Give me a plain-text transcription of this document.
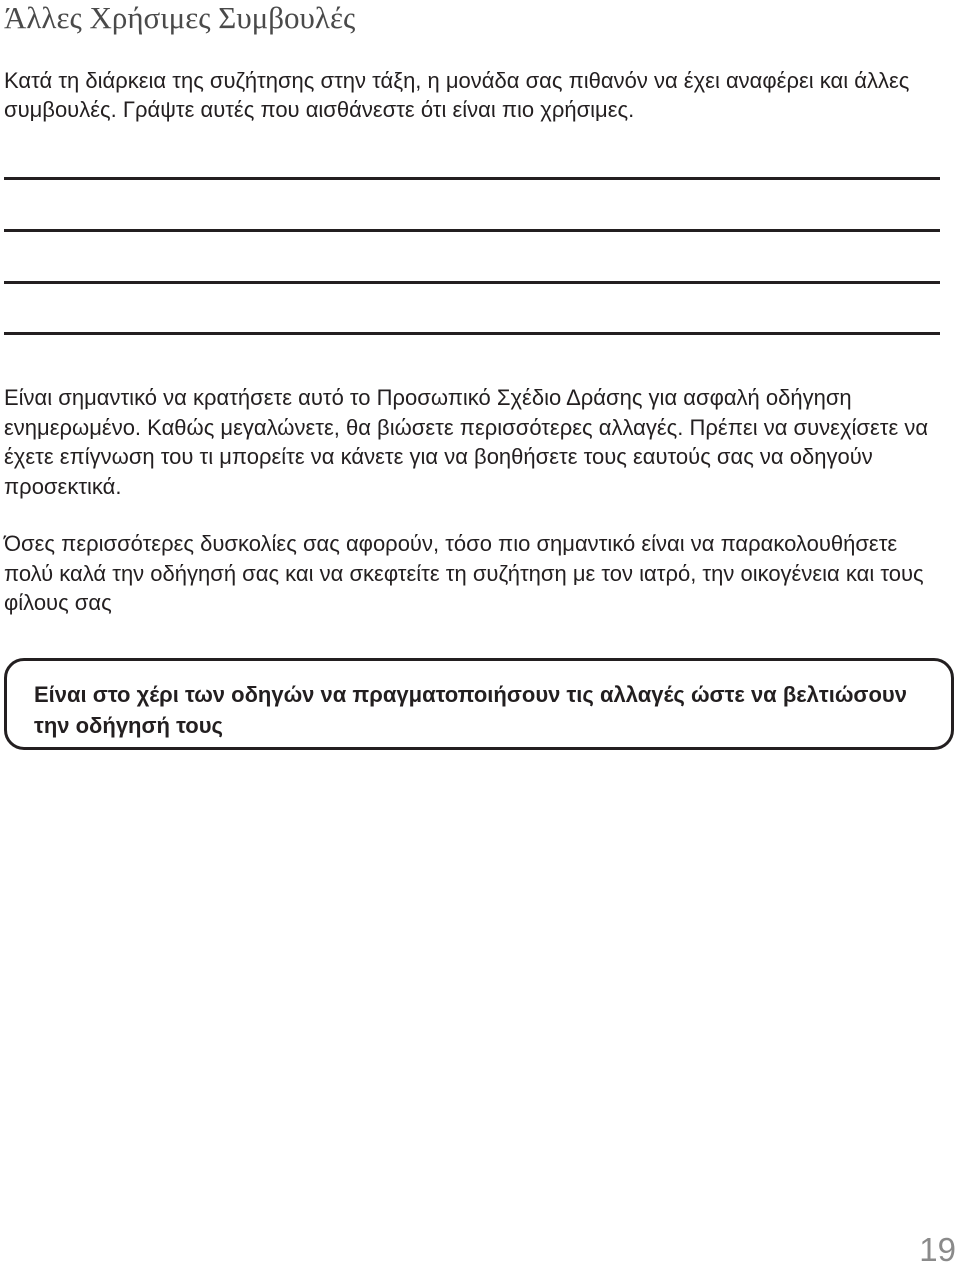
Άλλες Χρήσιμες Συμβουλές
Κατά τη διάρκεια της συζήτησης στην τάξη, η μονάδα σας πιθανόν να έχει αναφέρει και άλλες συμβουλές. Γράψτε αυτές που αισθάνεστε ότι είναι πιο χρήσιμες.
Είναι σημαντικό να κρατήσετε αυτό το Προσωπικό Σχέδιο Δράσης για ασφαλή οδήγηση ενημερωμένο. Καθώς μεγαλώνετε, θα βιώσετε περισσότερες αλλαγές. Πρέπει να συνεχίσετε να έχετε επίγνωση του τι μπορείτε να κάνετε για να βοηθήσετε τους εαυτούς σας να οδηγούν προσεκτικά.
Όσες περισσότερες δυσκολίες σας αφορούν, τόσο πιο σημαντικό είναι να παρακολουθήσετε πολύ καλά την οδήγησή σας και να σκεφτείτε τη συζήτηση με τον ιατρό, την οικογένεια και τους φίλους σας
Είναι στο χέρι των οδηγών να πραγματοποιήσουν τις αλλαγές ώστε να βελτιώσουν την οδήγησή τους
19
